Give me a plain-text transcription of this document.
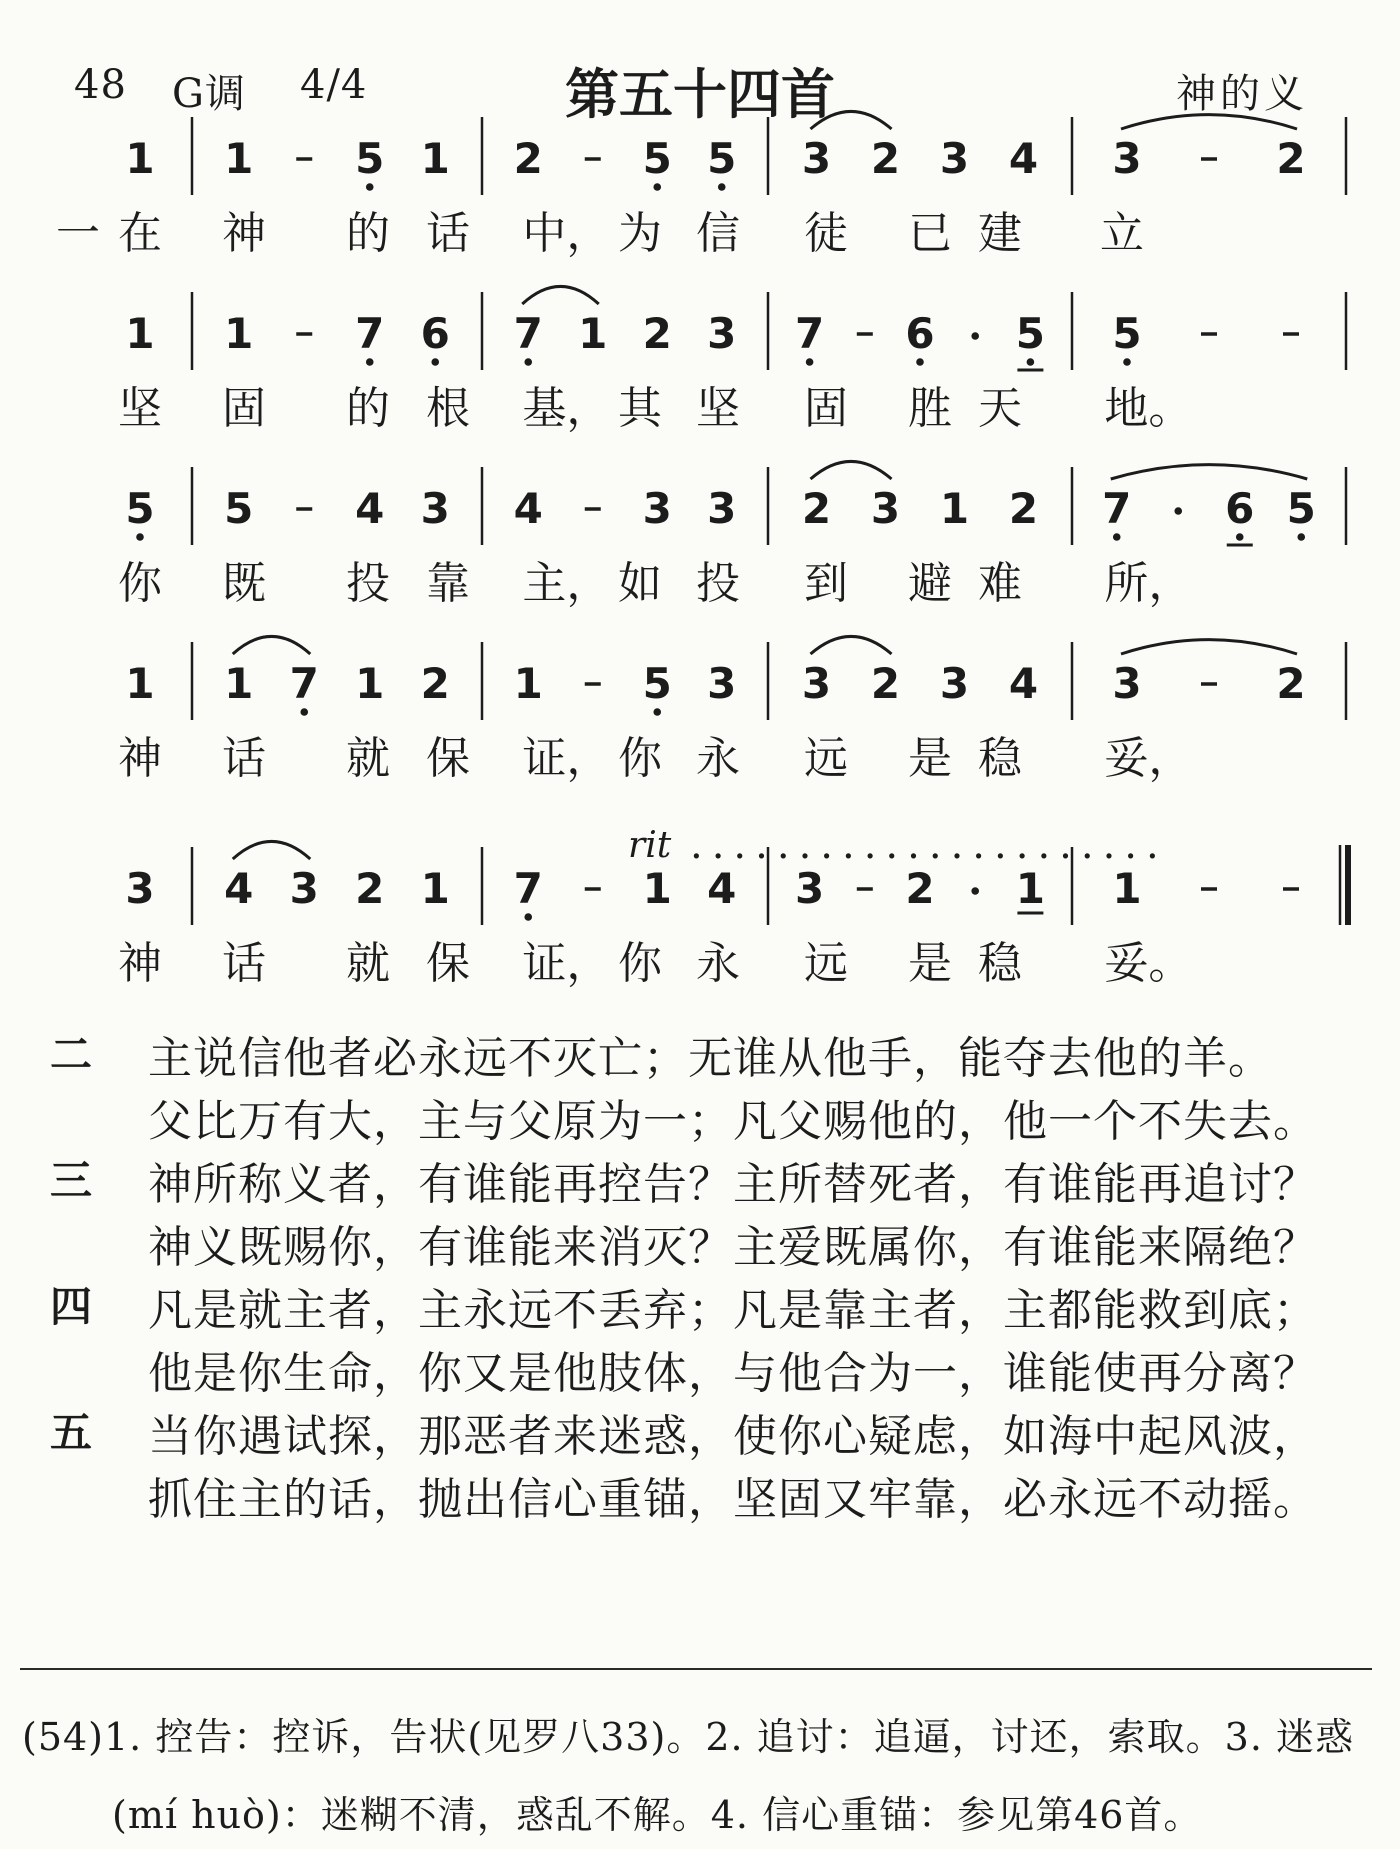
48 G调 4/4	第五十四首	神的义
1 1 5 1 2 5 5 3 2 3 4 3	2
一 在 神 的 话 中， 为 信 徒 已 建 立
1 1 7 6 7 1 2 3 7 6 5 5
坚 固 的 根 基， 其 坚 固 胜 天 地。
5 5 4 3 4 3 3 2 3 1 2 7 6 5
你 既 投 靠 主， 如 投 到 避 难 所，
1 1 7 1 2 1 5 3 3 2 3 4 3	2
神 话 就 保 证， 你 永 远 是 稳 妥，
3 4 3 2 1 7 1 4 3 2 1 1
神 话 就 保 证， 你 永 远 是 稳 妥。
rit ......................
二 主说信他者必永远不灭亡；无谁从他手，能夺去他的羊。
父比万有大，主与父原为一；凡父赐他的，他一个不失去。
三 神所称义者，有谁能再控告？主所替死者，有谁能再追讨？
神义既赐你，有谁能来消灭？主爱既属你，有谁能来隔绝？
四 凡是就主者，主永远不丢弃；凡是靠主者，主都能救到底；
他是你生命，你又是他肢体，与他合为一，谁能使再分离？
五 当你遇试探，那恶者来迷惑，使你心疑虑，如海中起风波，
抓住主的话，抛出信心重锚，坚固又牢靠，必永远不动摇。
(54)1. 控告：控诉，告状(见罗八33)。2. 追讨：追逼，讨还，索取。3. 迷惑
(mí huò)：迷糊不清，惑乱不解。4. 信心重锚：参见第46首。
